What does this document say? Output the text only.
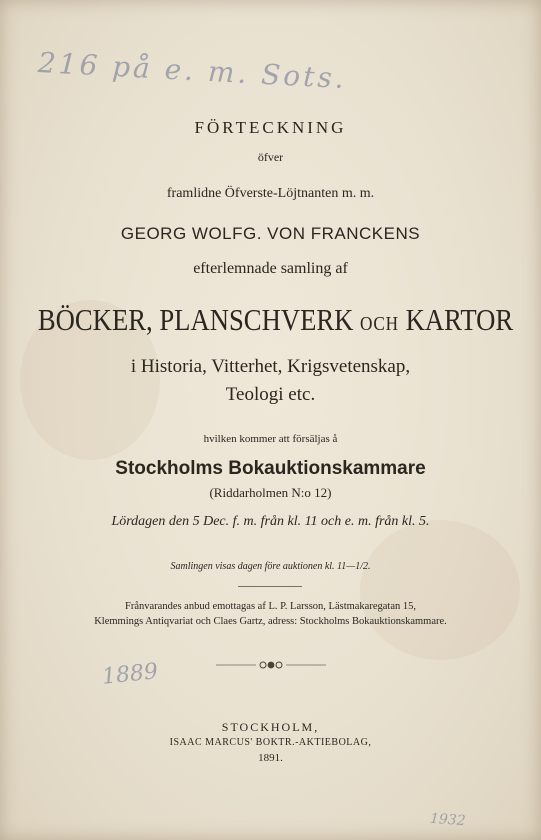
216 på e. m. Sots.
1889
1932
FÖRTECKNING
öfver
framlidne Öfverste-Löjtnanten m. m.
GEORG WOLFG. VON FRANCKENS
efterlemnade samling af
BÖCKER, PLANSCHVERK OCH KARTOR
i Historia, Vitterhet, Krigsvetenskap,
Teologi etc.
hvilken kommer att försäljas å
Stockholms Bokauktionskammare
(Riddarholmen N:o 12)
Lördagen den 5 Dec. f. m. från kl. 11 och e. m. från kl. 5.
Samlingen visas dagen före auktionen kl. 11—1/2.
Frånvarandes anbud emottagas af L. P. Larsson, Lästmakaregatan 15,
Klemmings Antiqvariat och Claes Gartz, adress: Stockholms Bokauktionskammare.
STOCKHOLM,
ISAAC MARCUS' BOKTR.-AKTIEBOLAG,
1891.
